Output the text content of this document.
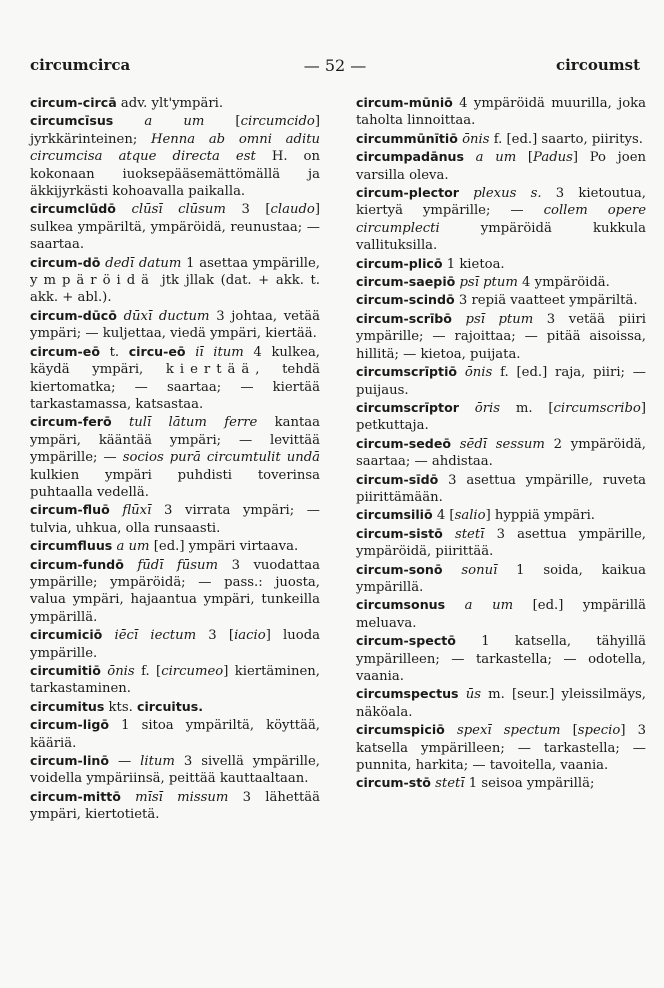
circumcirca	— 52 —	circoumst

circum-circā adv. ylt'ympäri.

circumcīsus a um [circumcido] jyrkkärinteinen; Henna ab omni aditu circumcisa atque directa est H. on kokonaan iuoksepääsemättömällä ja äkkijyrkästi kohoavalla paikalla.

circumclūdō clūsī clūsum 3 [claudo] sulkea ympäriltä, ympäröidä, reunustaa; — saartaa.

circum-dō dedī datum 1 asettaa ympärille, ympäröidä jtk jllak (dat. + akk. t. akk. + abl.).

circum-dūcō dūxī ductum 3 johtaa, vetää ympäri; — kuljettaa, viedä ympäri, kiertää.

circum-eō t. circu-eō iī itum 4 kulkea, käydä ympäri, kiertää, tehdä kiertomatka; — saartaa; — kiertää tarkastamassa, katsastaa.

circum-ferō tulī lātum ferre kantaa ympäri, kääntää ympäri; — levittää ympärille; — socios purā circumtulit undā kulkien ympäri puhdisti toverinsa puhtaalla vedellä.

circum-fluō flūxī 3 virrata ympäri; — tulvia, uhkua, olla runsaasti.

circumfluus a um [ed.] ympäri virtaava.

circum-fundō fūdī fūsum 3 vuodattaa ympärille; ympäröidä; — pass.: juosta, valua ympäri, hajaantua ympäri, tunkeilla ympärillä.

circumiciō iēcī iectum 3 [iacio] luoda ympärille.

circumitiō ōnis f. [circumeo] kiertäminen, tarkastaminen.

circumitus kts. circuitus.

circum-ligō 1 sitoa ympäriltä, köyttää, kääriä.

circum-linō — litum 3 sivellä ympärille, voidella ympäriinsä, peittää kauttaaltaan.

circum-mittō mīsī missum 3 lähettää ympäri, kiertotietä.

circum-mūniō 4 ympäröidä muurilla, joka taholta linnoittaa.

circummūnītiō ōnis f. [ed.] saarto, piiritys.

circumpadānus a um [Padus] Po joen varsilla oleva.

circum-plector plexus s. 3 kietoutua, kiertyä ympärille; — collem opere circumplecti ympäröidä kukkula vallituksilla.

circum-plicō 1 kietoa.

circum-saepiō psī ptum 4 ympäröidä.

circum-scindō 3 repiä vaatteet ympäriltä.

circum-scrībō psī ptum 3 vetää piiri ympärille; — rajoittaa; — pitää aisoissa, hillitä; — kietoa, puijata.

circumscrīptiō ōnis f. [ed.] raja, piiri; — puijaus.

circumscrīptor ōris m. [circumscribo] petkuttaja.

circum-sedeō sēdī sessum 2 ympäröidä, saartaa; — ahdistaa.

circum-sīdō 3 asettua ympärille, ruveta piirittämään.

circumsiliō 4 [salio] hyppiä ympäri.

circum-sistō stetī 3 asettua ympärille, ympäröidä, piirittää.

circum-sonō sonuī 1 soida, kaikua ympärillä.

circumsonus a um [ed.] ympärillä meluava.

circum-spectō 1 katsella, tähyillä ympärilleen; — tarkastella; — odotella, vaania.

circumspectus ūs m. [seur.] yleissilmäys, näköala.

circumspiciō spexī spectum [specio] 3 katsella ympärilleen; — tarkastella; — punnita, harkita; — tavoitella, vaania.

circum-stō stetī 1 seisoa ympärillä;
